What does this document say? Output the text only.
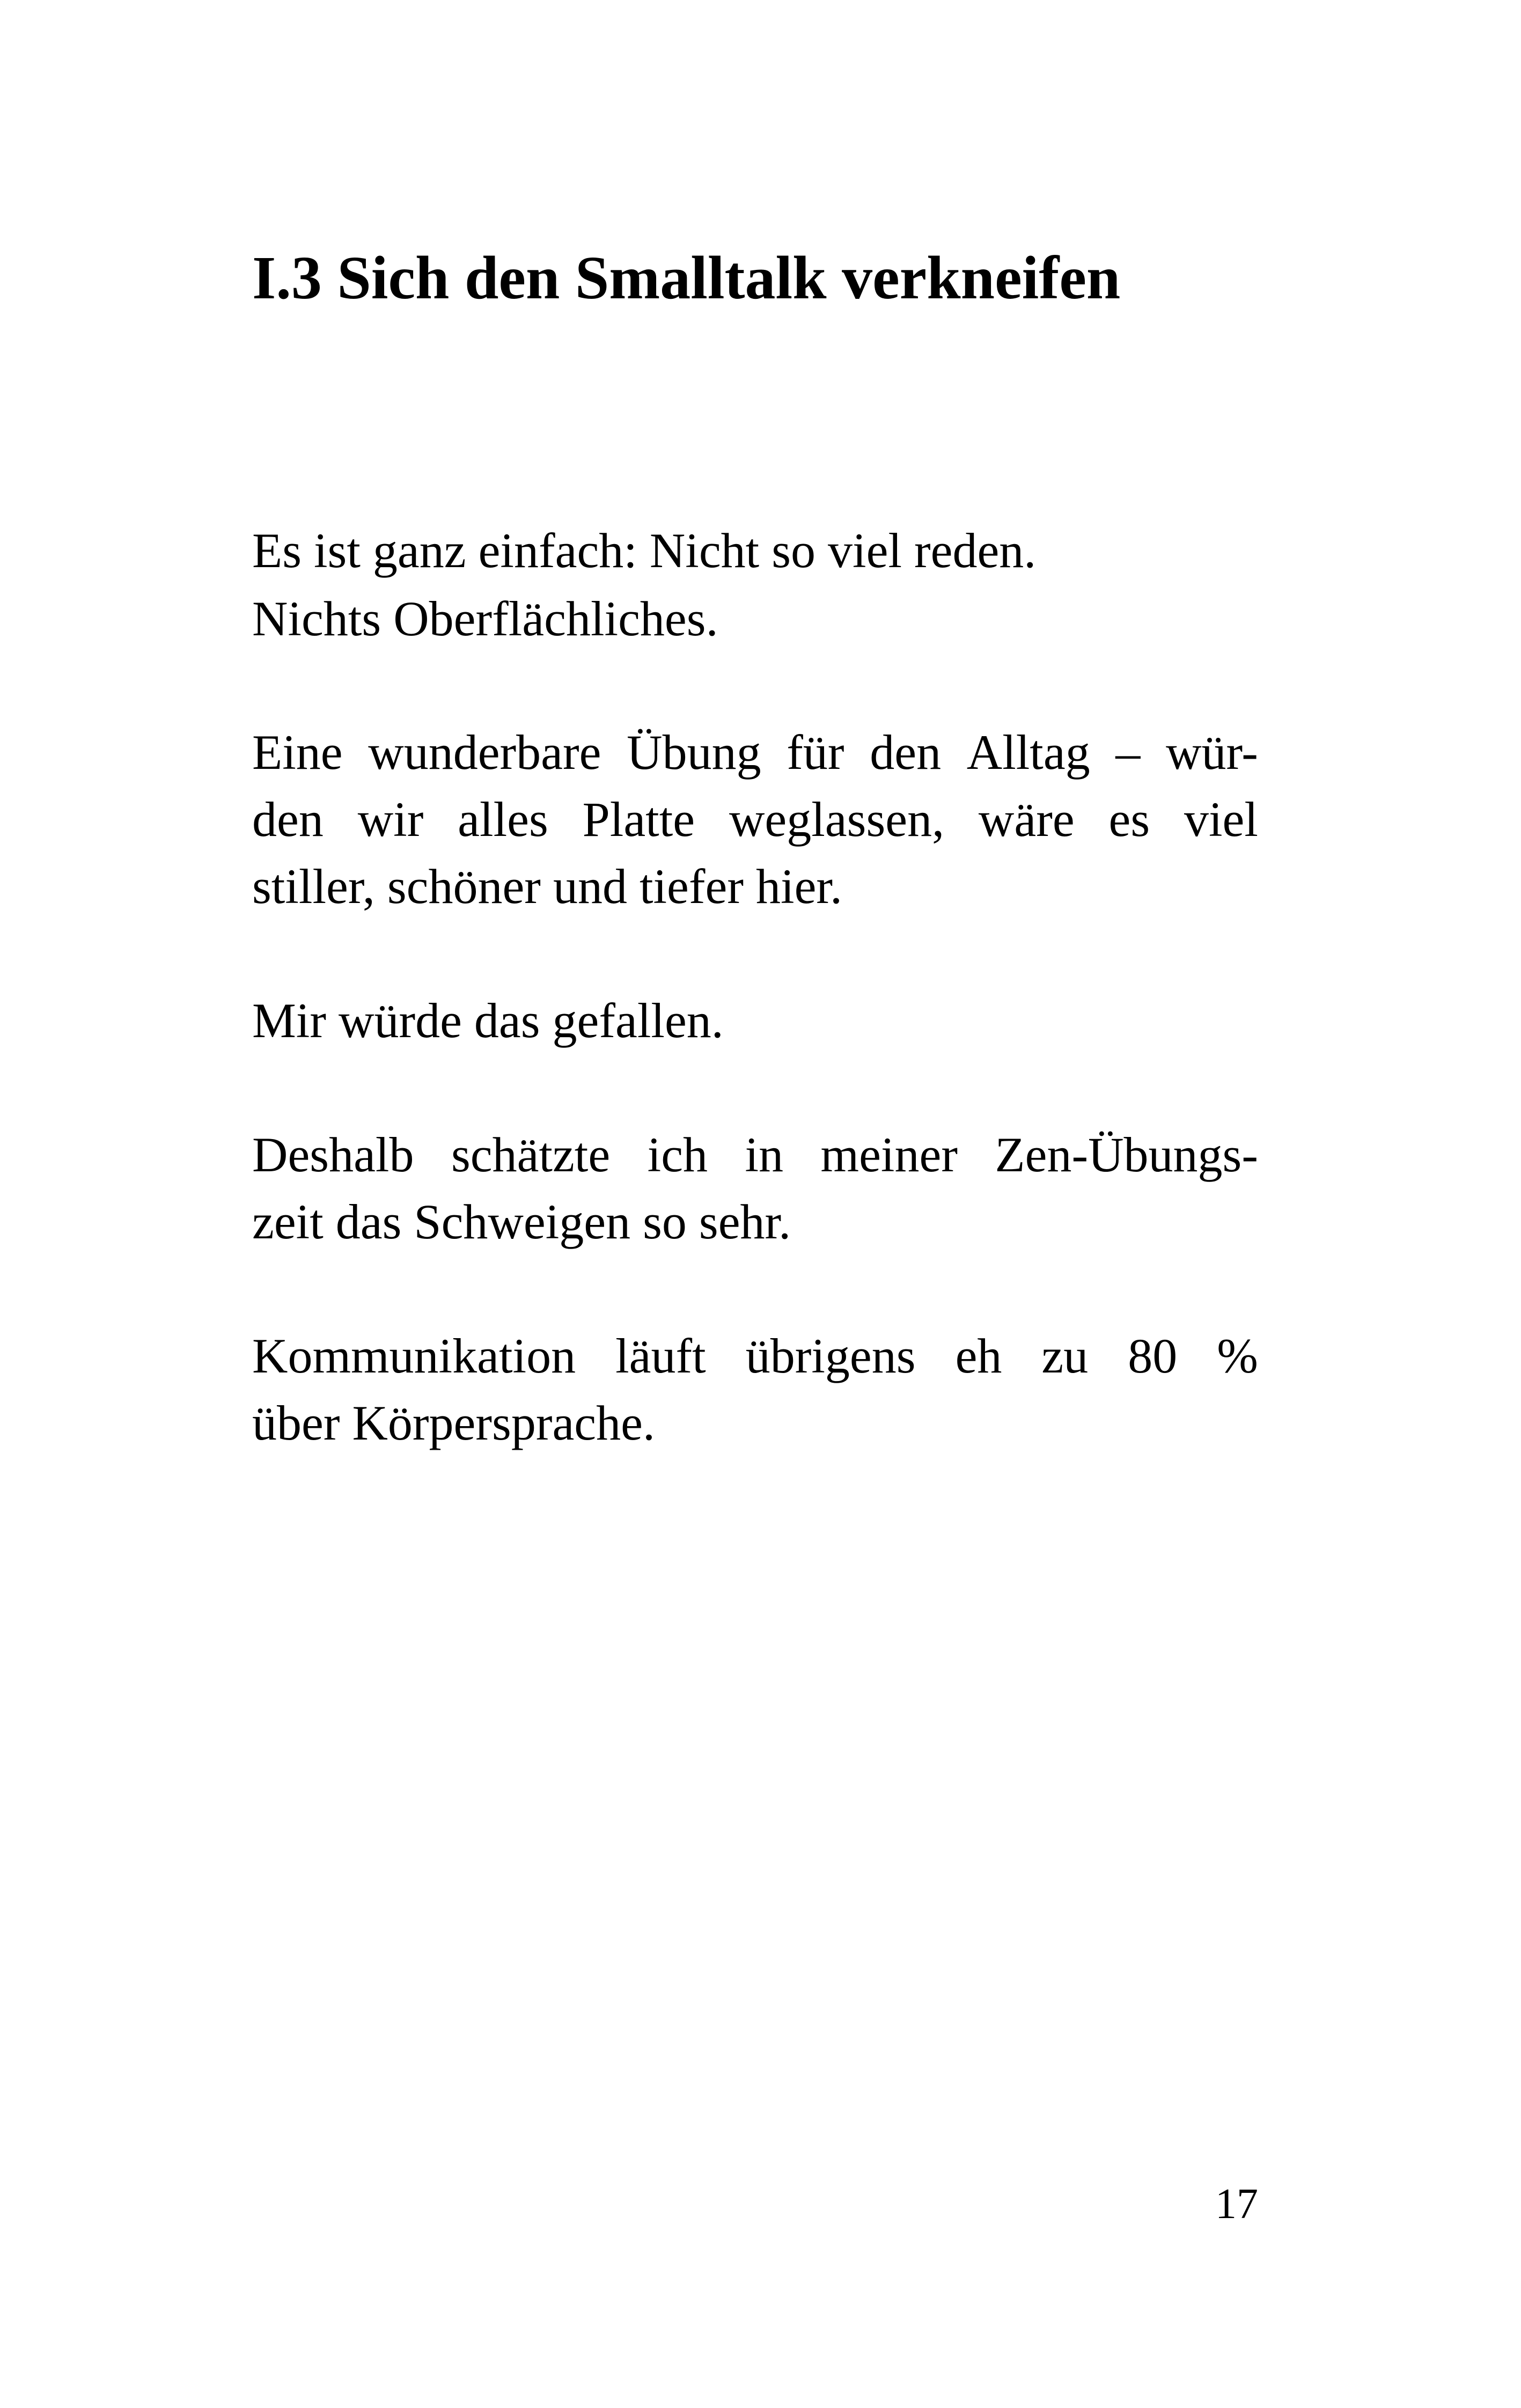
I.3 Sich den Smalltalk verkneifen
Es ist ganz einfach: Nicht so viel reden.
Nichts Oberflächliches.
Eine wunderbare Übung für den Alltag – wür-
den wir alles Platte weglassen, wäre es viel
stiller, schöner und tiefer hier.
Mir würde das gefallen.
Deshalb schätzte ich in meiner Zen-Übungs-
zeit das Schweigen so sehr.
Kommunikation läuft übrigens eh zu 80 %
über Körpersprache.
17
